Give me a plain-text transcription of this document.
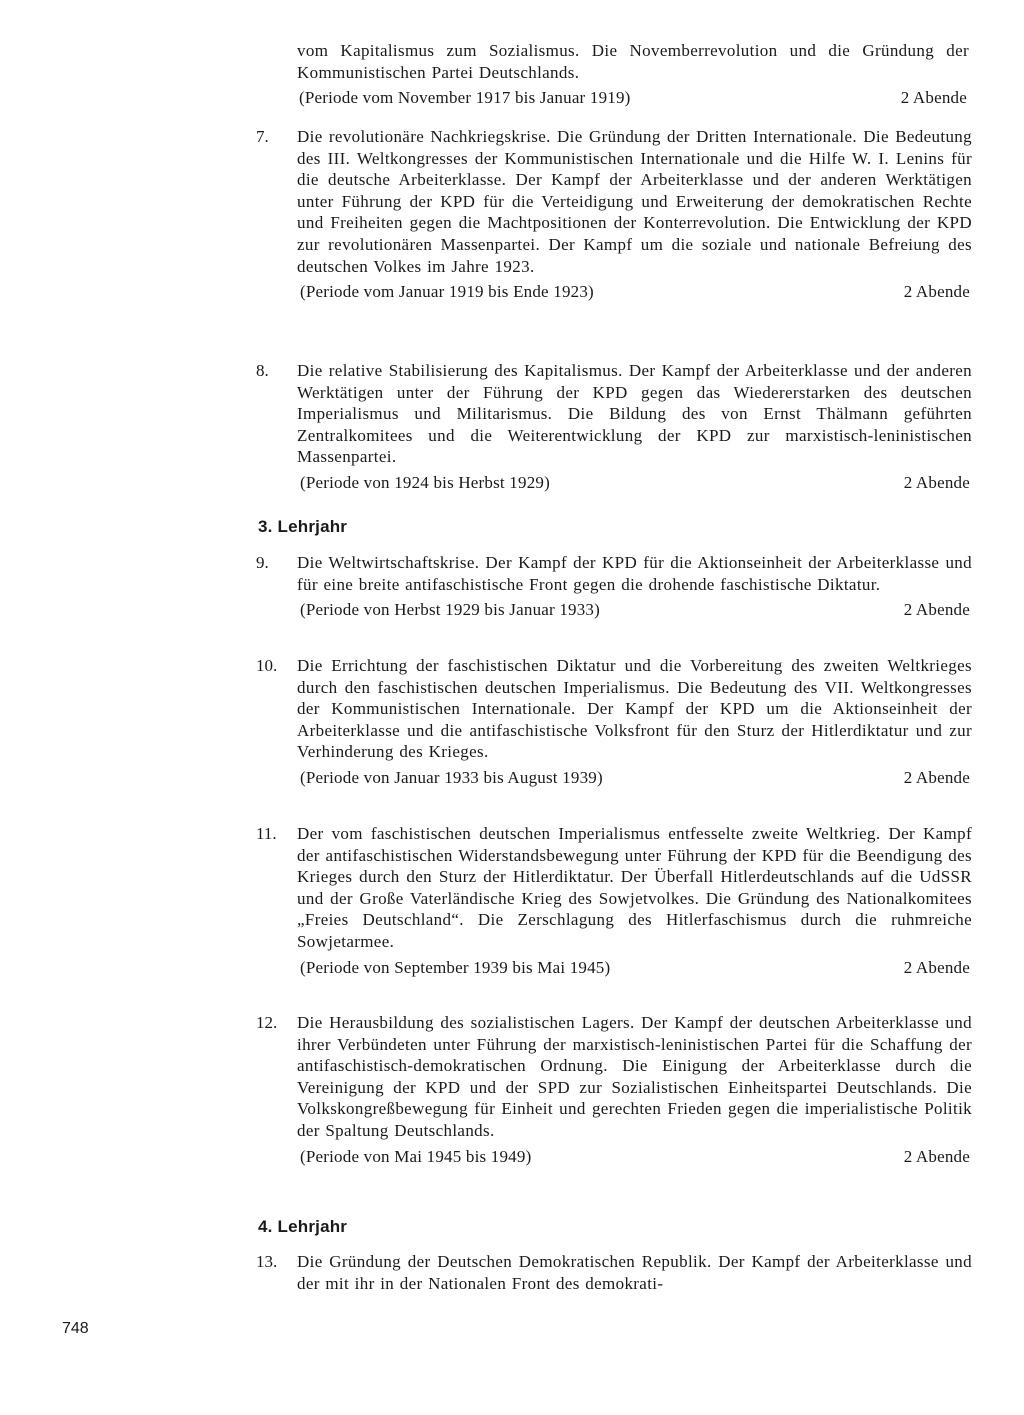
vom Kapitalismus zum Sozialismus. Die Novemberrevolution und die Gründung der Kommunistischen Partei Deutschlands.
(Periode vom November 1917 bis Januar 1919)	2 Abende
7.	Die revolutionäre Nachkriegskrise. Die Gründung der Dritten Internationale. Die Bedeutung des III. Weltkongresses der Kommunistischen Internationale und die Hilfe W. I. Lenins für die deutsche Arbeiterklasse. Der Kampf der Arbeiterklasse und der anderen Werktätigen unter Führung der KPD für die Verteidigung und Erweiterung der demokratischen Rechte und Freiheiten gegen die Machtpositionen der Konterrevolution. Die Entwicklung der KPD zur revolutionären Massenpartei. Der Kampf um die soziale und nationale Befreiung des deutschen Volkes im Jahre 1923.
(Periode vom Januar 1919 bis Ende 1923)	2 Abende
8.	Die relative Stabilisierung des Kapitalismus. Der Kampf der Arbeiterklasse und der anderen Werktätigen unter der Führung der KPD gegen das Wiedererstarken des deutschen Imperialismus und Militarismus. Die Bildung des von Ernst Thälmann geführten Zentralkomitees und die Weiterentwicklung der KPD zur marxistisch-leninistischen Massenpartei.
(Periode von 1924 bis Herbst 1929)	2 Abende
3. Lehrjahr
9.	Die Weltwirtschaftskrise. Der Kampf der KPD für die Aktionseinheit der Arbeiterklasse und für eine breite antifaschistische Front gegen die drohende faschistische Diktatur.
(Periode von Herbst 1929 bis Januar 1933)	2 Abende
10.	Die Errichtung der faschistischen Diktatur und die Vorbereitung des zweiten Weltkrieges durch den faschistischen deutschen Imperialismus. Die Bedeutung des VII. Weltkongresses der Kommunistischen Internationale. Der Kampf der KPD um die Aktionseinheit der Arbeiterklasse und die antifaschistische Volksfront für den Sturz der Hitlerdiktatur und zur Verhinderung des Krieges.
(Periode von Januar 1933 bis August 1939)	2 Abende
11.	Der vom faschistischen deutschen Imperialismus entfesselte zweite Weltkrieg. Der Kampf der antifaschistischen Widerstandsbewegung unter Führung der KPD für die Beendigung des Krieges durch den Sturz der Hitlerdiktatur. Der Überfall Hitlerdeutschlands auf die UdSSR und der Große Vaterländische Krieg des Sowjetvolkes. Die Gründung des Nationalkomitees „Freies Deutschland“. Die Zerschlagung des Hitlerfaschismus durch die ruhmreiche Sowjetarmee.
(Periode von September 1939 bis Mai 1945)	2 Abende
12.	Die Herausbildung des sozialistischen Lagers. Der Kampf der deutschen Arbeiterklasse und ihrer Verbündeten unter Führung der marxistisch-leninistischen Partei für die Schaffung der antifaschistisch-demokratischen Ordnung. Die Einigung der Arbeiterklasse durch die Vereinigung der KPD und der SPD zur Sozialistischen Einheitspartei Deutschlands. Die Volkskongreßbewegung für Einheit und gerechten Frieden gegen die imperialistische Politik der Spaltung Deutschlands.
(Periode von Mai 1945 bis 1949)	2 Abende
4. Lehrjahr
13.	Die Gründung der Deutschen Demokratischen Republik. Der Kampf der Arbeiterklasse und der mit ihr in der Nationalen Front des demokrati-
748
